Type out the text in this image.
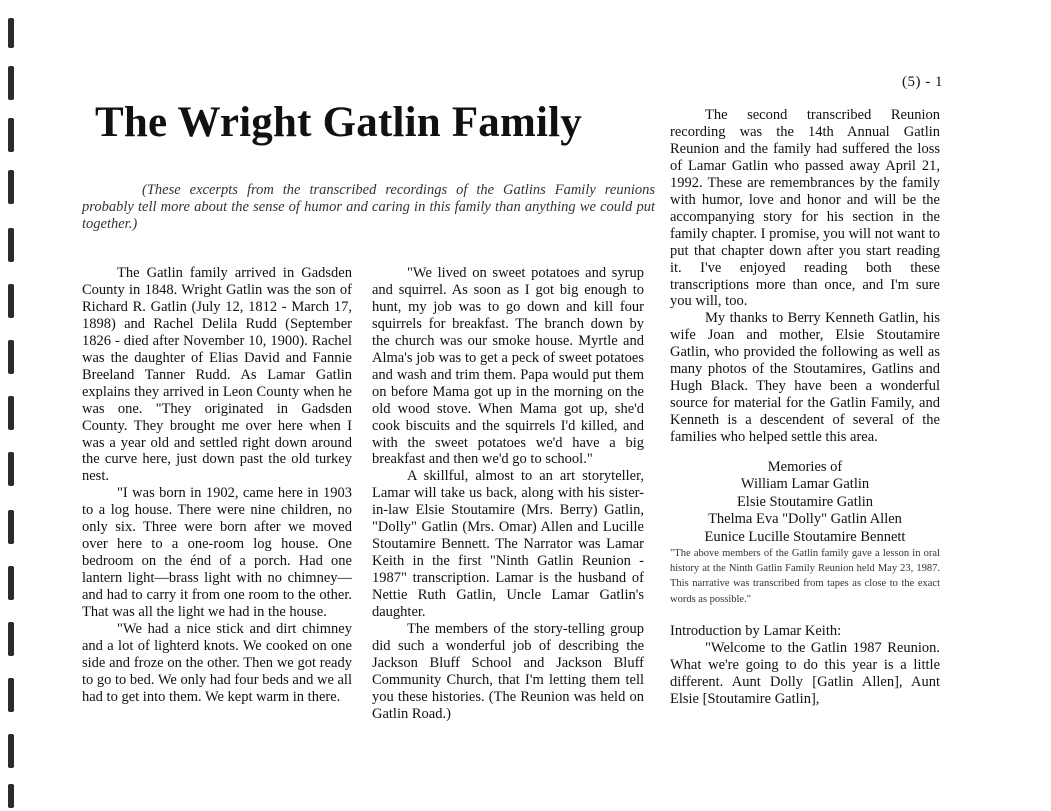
(5) - 1
The Wright Gatlin Family

(These excerpts from the transcribed recordings of the Gatlins Family reunions probably tell more about the sense of humor and caring in this family than anything we could put together.)

The Gatlin family arrived in Gadsden County in 1848. Wright Gatlin was the son of Richard R. Gatlin (July 12, 1812 - March 17, 1898) and Rachel Delila Rudd (September 1826 - died after November 10, 1900). Rachel was the daughter of Elias David and Fannie Breeland Tanner Rudd. As Lamar Gatlin explains they arrived in Leon County when he was one. "They originated in Gadsden County. They brought me over here when I was a year old and settled right down around the curve here, just down past the old turkey nest.

"I was born in 1902, came here in 1903 to a log house. There were nine children, no only six. Three were born after we moved over here to a one-room log house. One bedroom on the énd of a porch. Had one lantern light—brass light with no chimney—and had to carry it from one room to the other. That was all the light we had in the house.

"We had a nice stick and dirt chimney and a lot of lighterd knots. We cooked on one side and froze on the other. Then we got ready to go to bed. We only had four beds and we all had to get into them. We kept warm in there.

"We lived on sweet potatoes and syrup and squirrel. As soon as I got big enough to hunt, my job was to go down and kill four squirrels for breakfast. The branch down by the church was our smoke house. Myrtle and Alma's job was to get a peck of sweet potatoes and wash and trim them. Papa would put them on before Mama got up in the morning on the old wood stove. When Mama got up, she'd cook biscuits and the squirrels I'd killed, and with the sweet potatoes we'd have a big breakfast and then we'd go to school."

A skillful, almost to an art storyteller, Lamar will take us back, along with his sister-in-law Elsie Stoutamire (Mrs. Berry) Gatlin, "Dolly" Gatlin (Mrs. Omar) Allen and Lucille Stoutamire Bennett. The Narrator was Lamar Keith in the first "Ninth Gatlin Reunion - 1987" transcription. Lamar is the husband of Nettie Ruth Gatlin, Uncle Lamar Gatlin's daughter.

The members of the story-telling group did such a wonderful job of describing the Jackson Bluff School and Jackson Bluff Community Church, that I'm letting them tell you these histories. (The Reunion was held on Gatlin Road.)

The second transcribed Reunion recording was the 14th Annual Gatlin Reunion and the family had suffered the loss of Lamar Gatlin who passed away April 21, 1992. These are remembrances by the family with humor, love and honor and will be the accompanying story for his section in the family chapter. I promise, you will not want to put that chapter down after you start reading it. I've enjoyed reading both these transcriptions more than once, and I'm sure you will, too.

My thanks to Berry Kenneth Gatlin, his wife Joan and mother, Elsie Stoutamire Gatlin, who provided the following as well as many photos of the Stoutamires, Gatlins and Hugh Black. They have been a wonderful source for material for the Gatlin Family, and Kenneth is a descendent of several of the families who helped settle this area.

Memories of
William Lamar Gatlin
Elsie Stoutamire Gatlin
Thelma Eva "Dolly" Gatlin Allen
Eunice Lucille Stoutamire Bennett

"The above members of the Gatlin family gave a lesson in oral history at the Ninth Gatlin Family Reunion held May 23, 1987. This narrative was transcribed from tapes as close to the exact words as possible."

Introduction by Lamar Keith:

"Welcome to the Gatlin 1987 Reunion. What we're going to do this year is a little different. Aunt Dolly [Gatlin Allen], Aunt Elsie [Stoutamire Gatlin],
